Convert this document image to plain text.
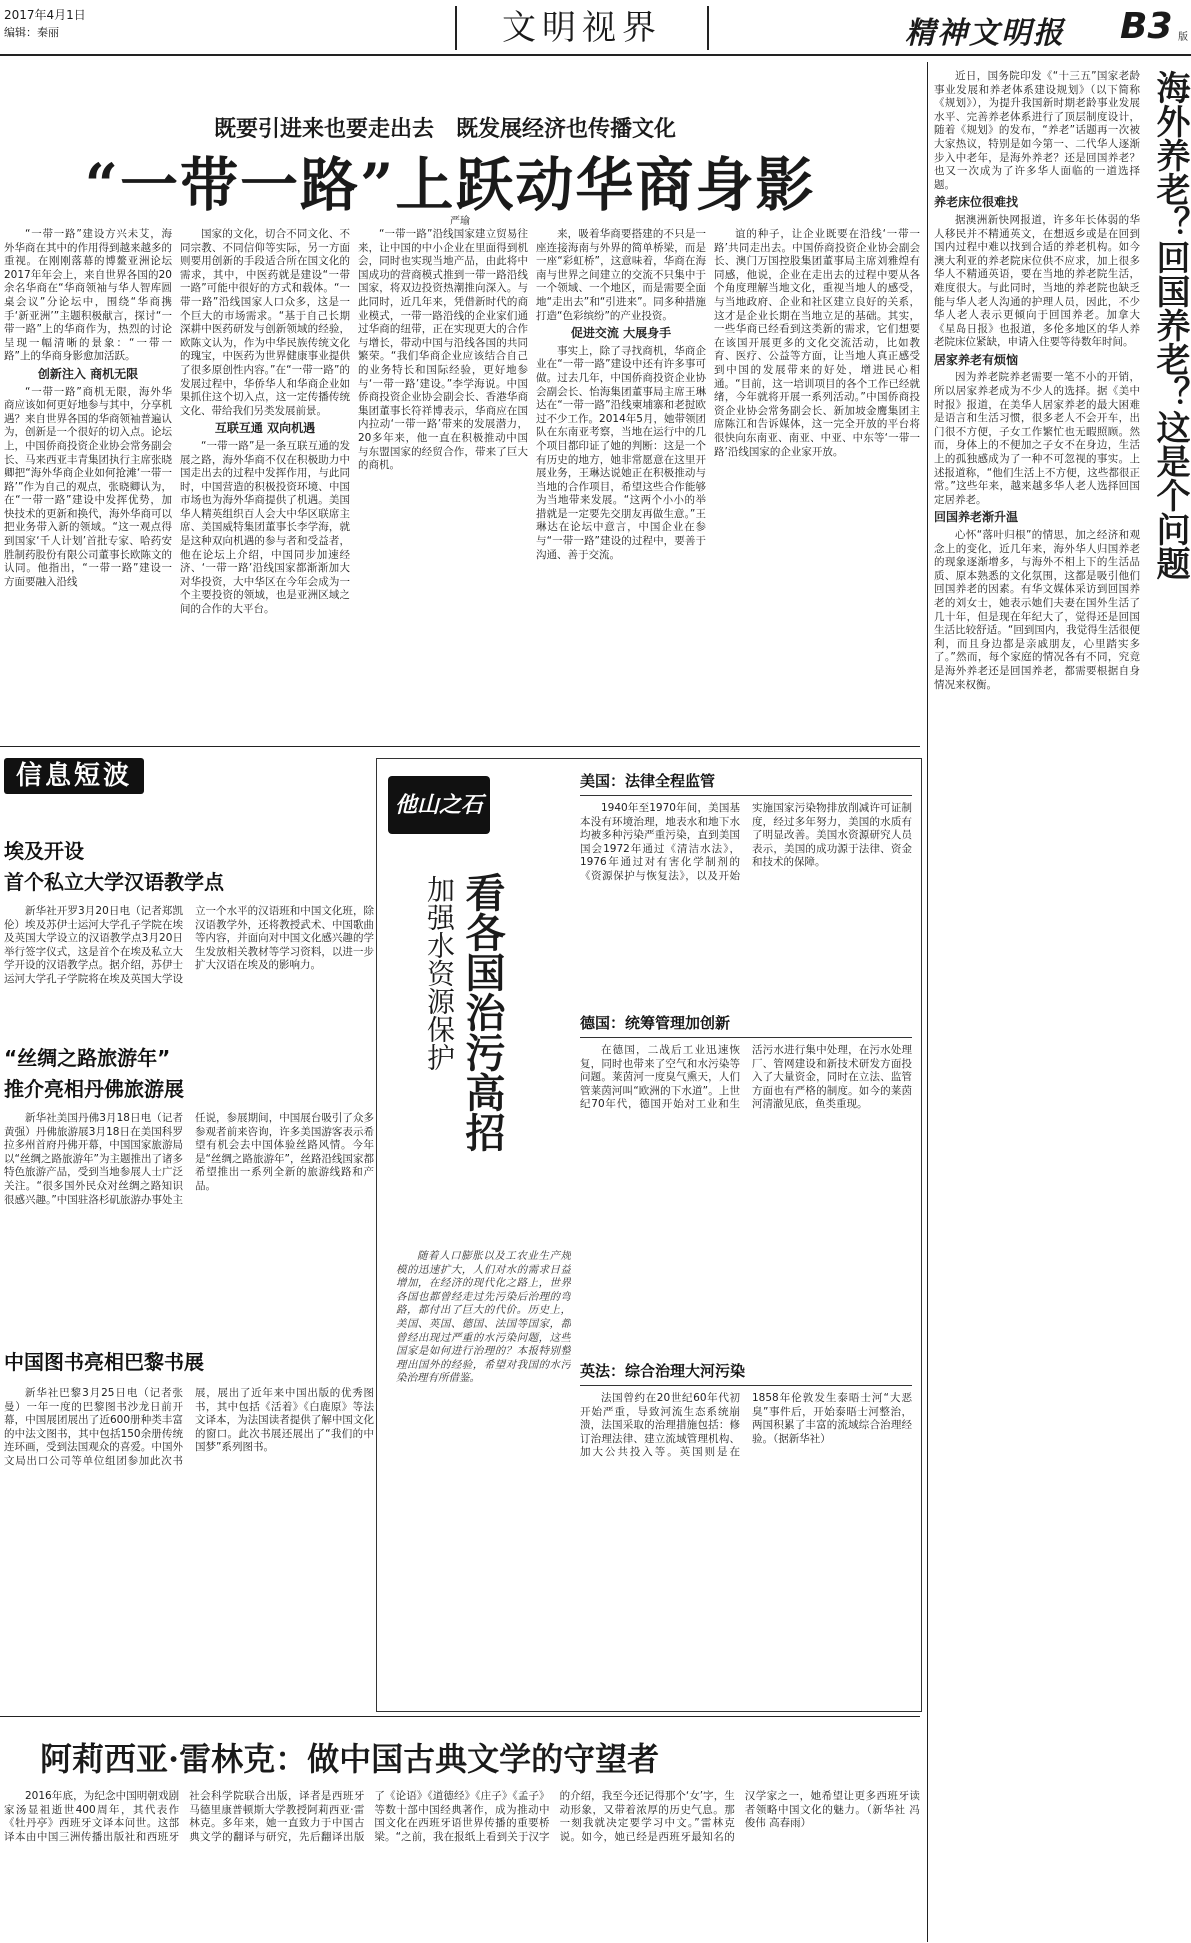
2017年4月1日
编辑：秦丽	文明视界	精神文明报 B3 版
既要引进来也要走出去　既发展经济也传播文化
“一带一路”上跃动华商身影
严瑜

“一带一路”建设方兴未艾，海外华商在其中的作用得到越来越多的重视。在刚刚落幕的博鳌亚洲论坛2017年年会上，来自世界各国的20余名华商在“华商领袖与华人智库圆桌会议”分论坛中，围绕“华商携手‘新亚洲’”主题积极献言，探讨“一带一路”上的华商作为，热烈的讨论呈现一幅清晰的景象：“一带一路”上的华商身影愈加活跃。

创新注入 商机无限

“一带一路”商机无限，海外华商应该如何更好地参与其中，分享机遇？来自世界各国的华商领袖普遍认为，创新是一个很好的切入点。论坛上，中国侨商投资企业协会常务副会长、马来西亚丰青集团执行主席张晓卿把“海外华商企业如何抢滩‘一带一路’”作为自己的观点，张晓卿认为，在“一带一路”建设中发挥优势，加快技术的更新和换代，海外华商可以把业务带入新的领域。“这一观点得到国家‘千人计划’首批专家、哈药安胜制药股份有限公司董事长欧陈文的认同。他指出，“一带一路”建设一方面要融入沿线

国家的文化，切合不同文化、不同宗教、不同信仰等实际，另一方面则要用创新的手段适合所在国文化的需求，其中，中医药就是建设“一带一路”可能中很好的方式和载体。“一带一路”沿线国家人口众多，这是一个巨大的市场需求。“基于自己长期深耕中医药研发与创新领域的经验，欧陈文认为，作为中华民族传统文化的瑰宝，中医药为世界健康事业提供了很多原创性内容。”在“一带一路”的发展过程中，华侨华人和华商企业如果抓住这个切入点，这一定传播传统文化、带给我们另类发展前景。

互联互通 双向机遇

“一带一路”是一条互联互通的发展之路，海外华商不仅在积极助力中国走出去的过程中发挥作用，与此同时，中国营造的积极投资环境、中国市场也为海外华商提供了机遇。美国华人精英组织百人会大中华区联席主席、美国威特集团董事长李学海，就是这种双向机遇的参与者和受益者，他在论坛上介绍，中国同步加速经济、‘一带一路’沿线国家都渐渐加大对华投资，大中华区在今年会成为一个主要投资的领域，也是亚洲区域之间的合作的大平台。

“一带一路”沿线国家建立贸易往来，让中国的中小企业在里面得到机会，同时也实现当地产品，由此将中国成功的营商模式推到一带一路沿线国家，将双边投资热潮推向深入。与此同时，近几年来，凭借新时代的商业模式，一带一路沿线的企业家们通过华商的纽带，正在实现更大的合作与增长，带动中国与沿线各国的共同繁荣。“我们华商企业应该结合自己的业务特长和国际经验，更好地参与‘一带一路’建设。”李学海说。中国侨商投资企业协会副会长、香港华商集团董事长符祥博表示，华商应在国内拉动‘一带一路’带来的发展潜力，20多年来，他一直在积极推动中国与东盟国家的经贸合作，带来了巨大的商机。

来，吸着华商要搭建的不只是一座连接海南与外界的简单桥梁，而是一座“彩虹桥”，这意味着，华商在海南与世界之间建立的交流不只集中于一个领域、一个地区，而是需要全面地“走出去”和“引进来”。同多种措施打造“色彩缤纷”的产业投资。

促进交流 大展身手

事实上，除了寻找商机，华商企业在“一带一路”建设中还有许多事可做。过去几年，中国侨商投资企业协会副会长、怡海集团董事局主席王琳达在“一带一路”沿线柬埔寨和老挝欧过不少工作。2014年5月，她带领团队在东南亚考察，当地在运行中的几个项目都印证了她的判断：这是一个有历史的地方，她非常愿意在这里开展业务，王琳达说她正在积极推动与当地的合作项目，希望这些合作能够为当地带来发展。“这两个小小的举措就是一定要先交朋友再做生意。”王琳达在论坛中意言，中国企业在参与“一带一路”建设的过程中，要善于沟通、善于交流。

谊的种子，让企业既要在沿线‘一带一路’共同走出去。中国侨商投资企业协会副会长、澳门万国控股集团董事局主席刘雅煌有同感，他说，企业在走出去的过程中要从各个角度理解当地文化，重视当地人的感受，与当地政府、企业和社区建立良好的关系，这才是企业长期在当地立足的基础。其实，一些华商已经看到这类新的需求，它们想要在该国开展更多的文化交流活动，比如教育、医疗、公益等方面，让当地人真正感受到中国的发展带来的好处，增进民心相通。“目前，这一培训项目的各个工作已经就绪，今年就将开展一系列活动。”中国侨商投资企业协会常务副会长、新加坡金鹰集团主席陈江和告诉媒体，这一完全开放的平台将很快向东南亚、南亚、中亚、中东等‘一带一路’沿线国家的企业家开放。	海外养老？回国养老？这是个问题

近日，国务院印发《“十三五”国家老龄事业发展和养老体系建设规划》（以下简称《规划》），为提升我国新时期老龄事业发展水平、完善养老体系进行了顶层制度设计，随着《规划》的发布，“养老”话题再一次被大家热议，特别是如今第一、二代华人逐渐步入中老年，是海外养老？还是回国养老？也又一次成为了许多华人面临的一道选择题。

养老床位很难找

据澳洲新快网报道，许多年长体弱的华人移民并不精通英文，在想返乡或是在回到国内过程中难以找到合适的养老机构。如今澳大利亚的养老院床位供不应求，加上很多华人不精通英语，要在当地的养老院生活，难度很大。与此同时，当地的养老院也缺乏能与华人老人沟通的护理人员，因此，不少华人老人表示更倾向于回国养老。加拿大《星岛日报》也报道，多伦多地区的华人养老院床位紧缺，申请入住要等待数年时间。

居家养老有烦恼

因为养老院养老需要一笔不小的开销，所以居家养老成为不少人的选择。据《美中时报》报道，在美华人居家养老的最大困难是语言和生活习惯，很多老人不会开车，出门很不方便，子女工作繁忙也无暇照顾。然而，身体上的不便加之子女不在身边，生活上的孤独感成为了一种不可忽视的事实。上述报道称，“他们生活上不方便，这些都很正常。”这些年来，越来越多华人老人选择回国定居养老。

回国养老渐升温

心怀“落叶归根”的情思，加之经济和观念上的变化，近几年来，海外华人归国养老的现象逐渐增多，与海外不相上下的生活品质、原本熟悉的文化氛围，这都是吸引他们回国养老的因素。有华文媒体采访到回国养老的刘女士，她表示她们夫妻在国外生活了几十年，但是现在年纪大了，觉得还是回国生活比较舒适。“回到国内，我觉得生活很便利，而且身边都是亲戚朋友，心里踏实多了。”然而，每个家庭的情况各有不同，究竟是海外养老还是回国养老，都需要根据自身情况来权衡。

信息短波
埃及开设
首个私立大学汉语教学点

新华社开罗3月20日电（记者郑凯伦）埃及苏伊士运河大学孔子学院在埃及英国大学设立的汉语教学点3月20日举行签字仪式，这是首个在埃及私立大学开设的汉语教学点。据介绍，苏伊士运河大学孔子学院将在埃及英国大学设立一个水平的汉语班和中国文化班，除汉语教学外，还将教授武术、中国歌曲等内容，并面向对中国文化感兴趣的学生发放相关教材等学习资料，以进一步扩大汉语在埃及的影响力。

“丝绸之路旅游年”
推介亮相丹佛旅游展

新华社美国丹佛3月18日电（记者黄强）丹佛旅游展3月18日在美国科罗拉多州首府丹佛开幕，中国国家旅游局以“丝绸之路旅游年”为主题推出了诸多特色旅游产品，受到当地参展人士广泛关注。“很多国外民众对丝绸之路知识很感兴趣。”中国驻洛杉矶旅游办事处主任说，参展期间，中国展台吸引了众多参观者前来咨询，许多美国游客表示希望有机会去中国体验丝路风情。今年是“丝绸之路旅游年”，丝路沿线国家都希望推出一系列全新的旅游线路和产品。

中国图书亮相巴黎书展

新华社巴黎3月25日电（记者张曼）一年一度的巴黎图书沙龙日前开幕，中国展团展出了近600册种类丰富的中法文图书，其中包括150余册传统连环画，受到法国观众的喜爱。中国外文局出口公司等单位组团参加此次书展，展出了近年来中国出版的优秀图书，其中包括《活着》《白鹿原》等法文译本，为法国读者提供了解中国文化的窗口。此次书展还展出了“我们的中国梦”系列图书。

他山之石
看各国治污高招
加强水资源保护

随着人口膨胀以及工农业生产规模的迅速扩大，人们对水的需求日益增加，在经济的现代化之路上，世界各国也都曾经走过先污染后治理的弯路，都付出了巨大的代价。历史上，美国、英国、德国、法国等国家，都曾经出现过严重的水污染问题，这些国家是如何进行治理的？本报特别整理出国外的经验，希望对我国的水污染治理有所借鉴。

美国：法律全程监管

1940年至1970年间，美国基本没有环境治理，地表水和地下水均被多种污染严重污染，直到美国国会1972年通过《清洁水法》，1976年通过对有害化学制剂的《资源保护与恢复法》，以及开始实施国家污染物排放削减许可证制度，经过多年努力，美国的水质有了明显改善。美国水资源研究人员表示，美国的成功源于法律、资金和技术的保障。

德国：统筹管理加创新

在德国，二战后工业迅速恢复，同时也带来了空气和水污染等问题。莱茵河一度臭气熏天，人们管莱茵河叫“欧洲的下水道”。上世纪70年代，德国开始对工业和生活污水进行集中处理，在污水处理厂、管网建设和新技术研发方面投入了大量资金，同时在立法、监管方面也有严格的制度。如今的莱茵河清澈见底，鱼类重现。

英法：综合治理大河污染

法国曾约在20世纪60年代初开始严重，导致河流生态系统崩溃，法国采取的治理措施包括：修订治理法律、建立流域管理机构、加大公共投入等。英国则是在1858年伦敦发生泰晤士河“大恶臭”事件后，开始泰晤士河整治，两国积累了丰富的流域综合治理经验。（据新华社）

阿莉西亚·雷林克：做中国古典文学的守望者

2016年底，为纪念中国明朝戏剧家汤显祖逝世400周年，其代表作《牡丹亭》西班牙文译本问世。这部译本由中国三洲传播出版社和西班牙社会科学院联合出版，译者是西班牙马德里康普顿斯大学教授阿莉西亚·雷林克。多年来，她一直致力于中国古典文学的翻译与研究，先后翻译出版了《论语》《道德经》《庄子》《孟子》等数十部中国经典著作，成为推动中国文化在西班牙语世界传播的重要桥梁。“之前，我在报纸上看到关于汉字的介绍，我至今还记得那个‘女’字，生动形象，又带着浓厚的历史气息。那一刻我就决定要学习中文。”雷林克说。如今，她已经是西班牙最知名的汉学家之一，她希望让更多西班牙读者领略中国文化的魅力。（新华社 冯俊伟 高春雨）
